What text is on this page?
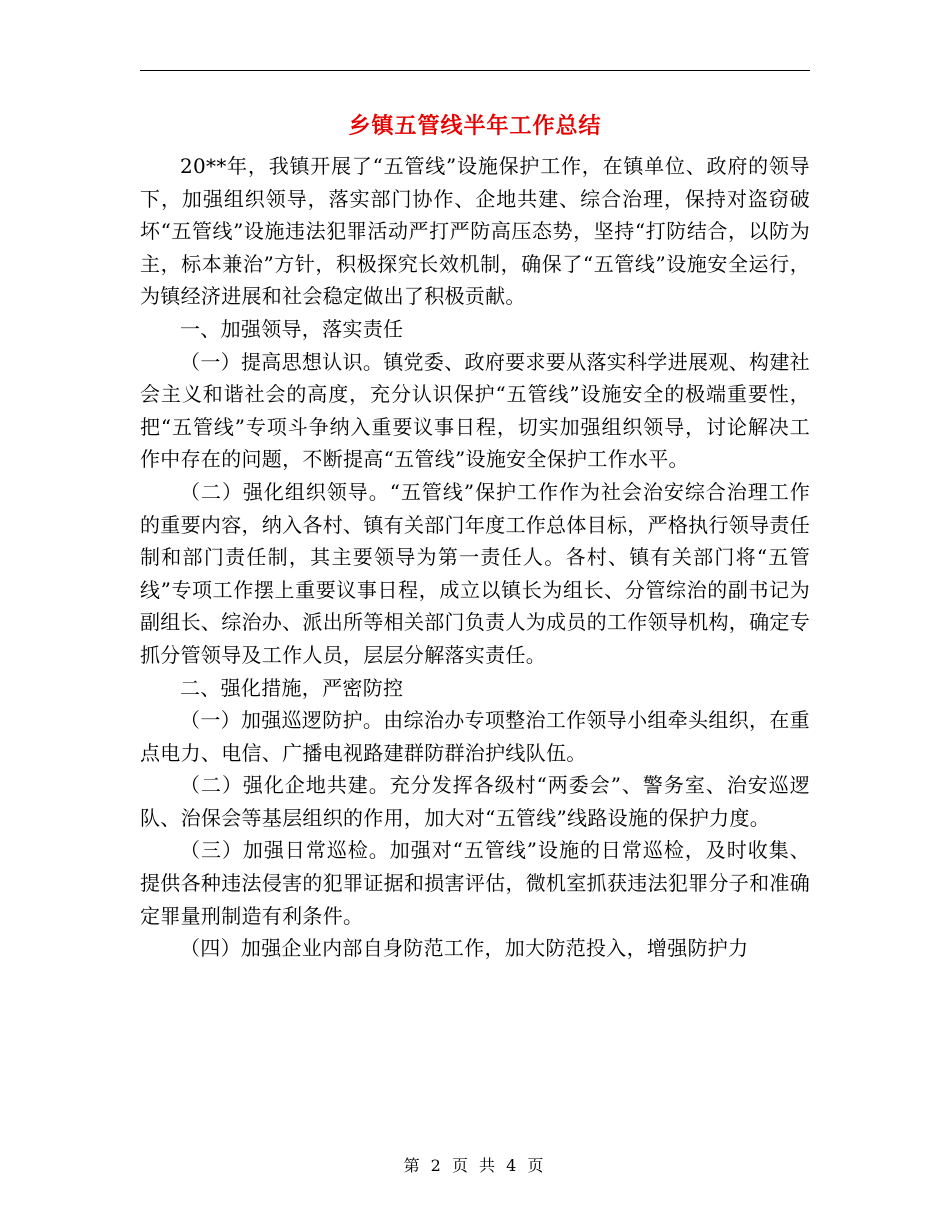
乡镇五管线半年工作总结

20**年，我镇开展了“五管线”设施保护工作，在镇单位、政府的领导下，加强组织领导，落实部门协作、企地共建、综合治理，保持对盗窃破坏“五管线”设施违法犯罪活动严打严防高压态势，坚持“打防结合，以防为主，标本兼治”方针，积极探究长效机制，确保了“五管线”设施安全运行，为镇经济进展和社会稳定做出了积极贡献。

一、加强领导，落实责任

（一）提高思想认识。镇党委、政府要求要从落实科学进展观、构建社会主义和谐社会的高度，充分认识保护“五管线”设施安全的极端重要性，把“五管线”专项斗争纳入重要议事日程，切实加强组织领导，讨论解决工作中存在的问题，不断提高“五管线”设施安全保护工作水平。

（二）强化组织领导。“五管线”保护工作作为社会治安综合治理工作的重要内容，纳入各村、镇有关部门年度工作总体目标，严格执行领导责任制和部门责任制，其主要领导为第一责任人。各村、镇有关部门将“五管线”专项工作摆上重要议事日程，成立以镇长为组长、分管综治的副书记为副组长、综治办、派出所等相关部门负责人为成员的工作领导机构，确定专抓分管领导及工作人员，层层分解落实责任。

二、强化措施，严密防控

（一）加强巡逻防护。由综治办专项整治工作领导小组牵头组织，在重点电力、电信、广播电视路建群防群治护线队伍。

（二）强化企地共建。充分发挥各级村“两委会”、警务室、治安巡逻队、治保会等基层组织的作用，加大对“五管线”线路设施的保护力度。

（三）加强日常巡检。加强对“五管线”设施的日常巡检，及时收集、提供各种违法侵害的犯罪证据和损害评估，微机室抓获违法犯罪分子和准确定罪量刑制造有利条件。

（四）加强企业内部自身防范工作，加大防范投入，增强防护力

第 2 页 共 4 页
